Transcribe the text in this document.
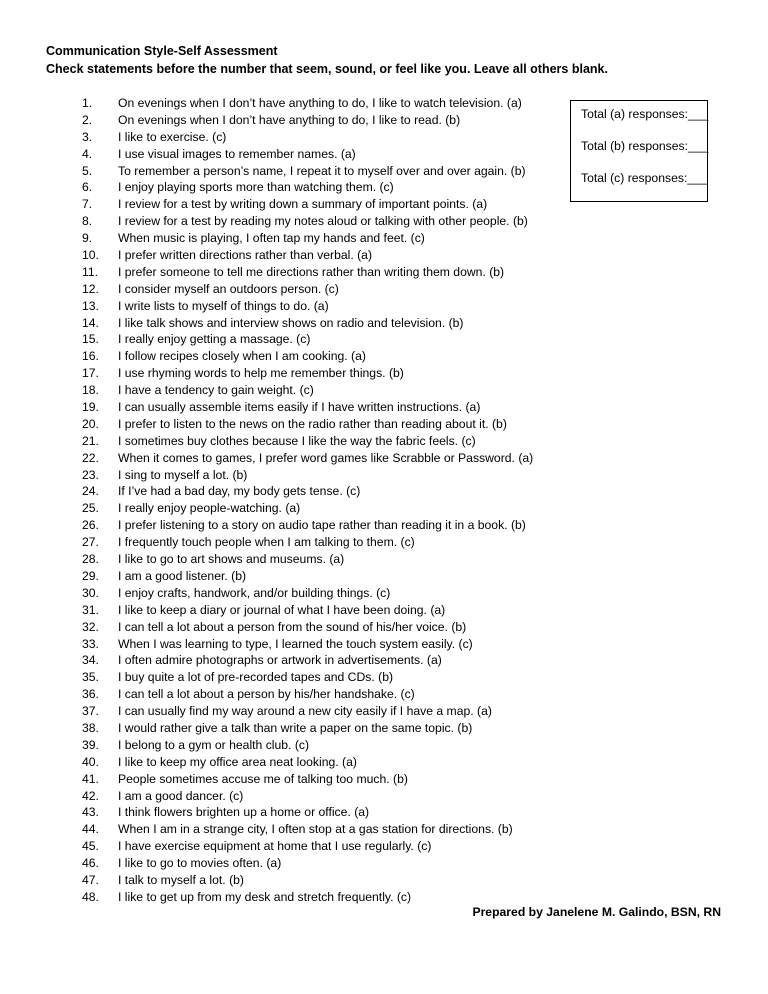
Communication Style-Self Assessment
Check statements before the number that seem, sound, or feel like you. Leave all others blank.
1.	On evenings when I don’t have anything to do, I like to watch television. (a)
2.	On evenings when I don’t have anything to do, I like to read. (b)
3.	I like to exercise. (c)
4.	I use visual images to remember names. (a)
5.	To remember a person’s name, I repeat it to myself over and over again. (b)
6.	I enjoy playing sports more than watching them. (c)
7.	I review for a test by writing down a summary of important points. (a)
8.	I review for a test by reading my notes aloud or talking with other people. (b)
9.	When music is playing, I often tap my hands and feet. (c)
10.	I prefer written directions rather than verbal. (a)
11.	I prefer someone to tell me directions rather than writing them down. (b)
12.	I consider myself an outdoors person. (c)
13.	I write lists to myself of things to do. (a)
14.	I like talk shows and interview shows on radio and television. (b)
15.	I really enjoy getting a massage. (c)
16.	I follow recipes closely when I am cooking. (a)
17.	I use rhyming words to help me remember things. (b)
18.	I have a tendency to gain weight. (c)
19.	I can usually assemble items easily if I have written instructions. (a)
20.	I prefer to listen to the news on the radio rather than reading about it. (b)
21.	I sometimes buy clothes because I like the way the fabric feels. (c)
22.	When it comes to games, I prefer word games like Scrabble or Password. (a)
23.	I sing to myself a lot. (b)
24.	If I’ve had a bad day, my body gets tense. (c)
25.	I really enjoy people-watching. (a)
26.	I prefer listening to a story on audio tape rather than reading it in a book. (b)
27.	I frequently touch people when I am talking to them. (c)
28.	I like to go to art shows and museums. (a)
29.	I am a good listener. (b)
30.	I enjoy crafts, handwork, and/or building things. (c)
31.	I like to keep a diary or journal of what I have been doing. (a)
32.	I can tell a lot about a person from the sound of his/her voice. (b)
33.	When I was learning to type, I learned the touch system easily. (c)
34.	I often admire photographs or artwork in advertisements. (a)
35.	I buy quite a lot of pre-recorded tapes and CDs. (b)
36.	I can tell a lot about a person by his/her handshake. (c)
37.	I can usually find my way around a new city easily if I have a map. (a)
38.	I would rather give a talk than write a paper on the same topic. (b)
39.	I belong to a gym or health club. (c)
40.	I like to keep my office area neat looking. (a)
41.	People sometimes accuse me of talking too much. (b)
42.	I am a good dancer. (c)
43.	I think flowers brighten up a home or office. (a)
44.	When I am in a strange city, I often stop at a gas station for directions. (b)
45.	I have exercise equipment at home that I use regularly. (c)
46.	I like to go to movies often. (a)
47.	I talk to myself a lot. (b)
48.	I like to get up from my desk and stretch frequently. (c)
Total (a) responses:___
Total (b) responses:___
Total (c) responses:___
Prepared by Janelene M. Galindo, BSN, RN
